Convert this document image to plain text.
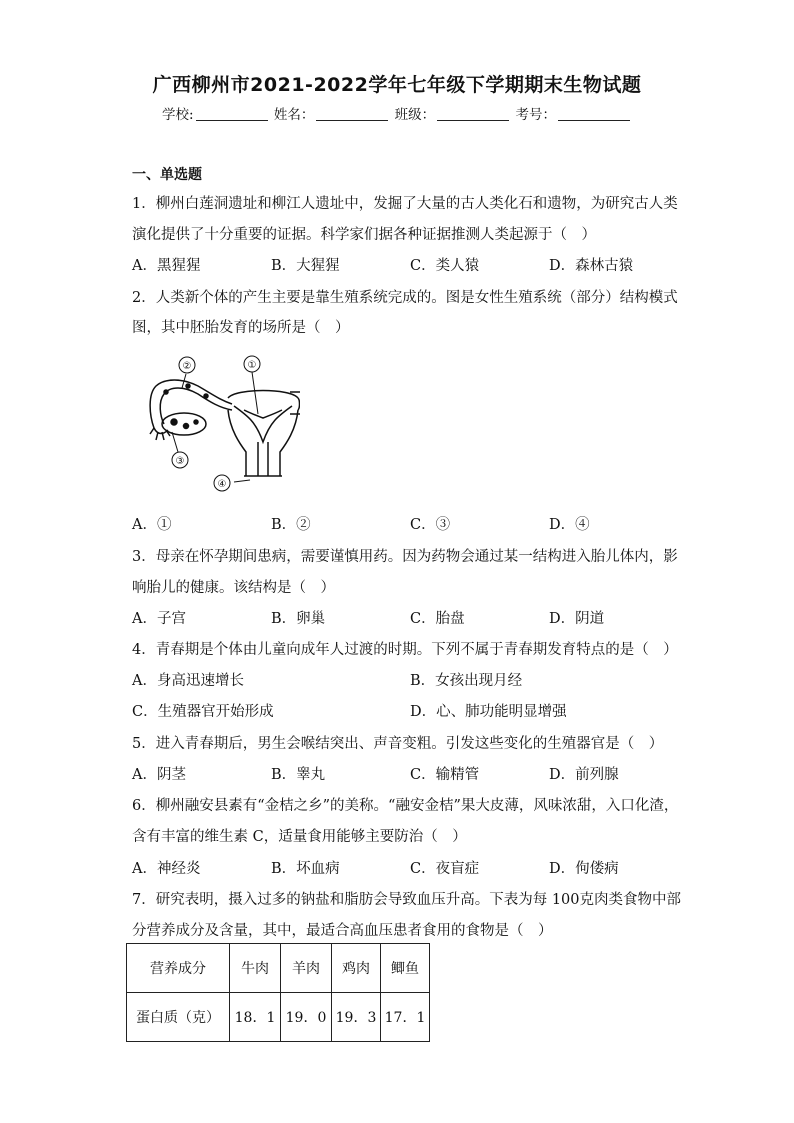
广西柳州市2021-2022学年七年级下学期期末生物试题
学校:	姓名：	班级：	考号：
一、单选题
1．柳州白莲洞遗址和柳江人遗址中，发掘了大量的古人类化石和遗物，为研究古人类
演化提供了十分重要的证据。科学家们据各种证据推测人类起源于（　）
A．黑猩猩	B．大猩猩	C．类人猿	D．森林古猿
2．人类新个体的产生主要是靠生殖系统完成的。图是女性生殖系统（部分）结构模式
图，其中胚胎发育的场所是（　）
②	①
③
④
A．①	B．②	C．③	D．④
3．母亲在怀孕期间患病，需要谨慎用药。因为药物会通过某一结构进入胎儿体内，影
响胎儿的健康。该结构是（　）
A．子宫	B．卵巢	C．胎盘	D．阴道
4．青春期是个体由儿童向成年人过渡的时期。下列不属于青春期发育特点的是（　）
A．身高迅速增长	B．女孩出现月经
C．生殖器官开始形成	D．心、肺功能明显增强
5．进入青春期后，男生会喉结突出、声音变粗。引发这些变化的生殖器官是（　）
A．阴茎	B．睾丸	C．输精管	D．前列腺
6．柳州融安县素有“金桔之乡”的美称。“融安金桔”果大皮薄，风味浓甜，入口化渣，
含有丰富的维生素 C，适量食用能够主要防治（　）
A．神经炎	B．坏血病	C．夜盲症	D．佝偻病
7．研究表明，摄入过多的钠盐和脂肪会导致血压升高。下表为每 100克肉类食物中部
分营养成分及含量，其中，最适合高血压患者食用的食物是（　）
营养成分	牛肉	羊肉	鸡肉	鲫鱼
蛋白质（克）	18．1	19．0	19．3	17．1
